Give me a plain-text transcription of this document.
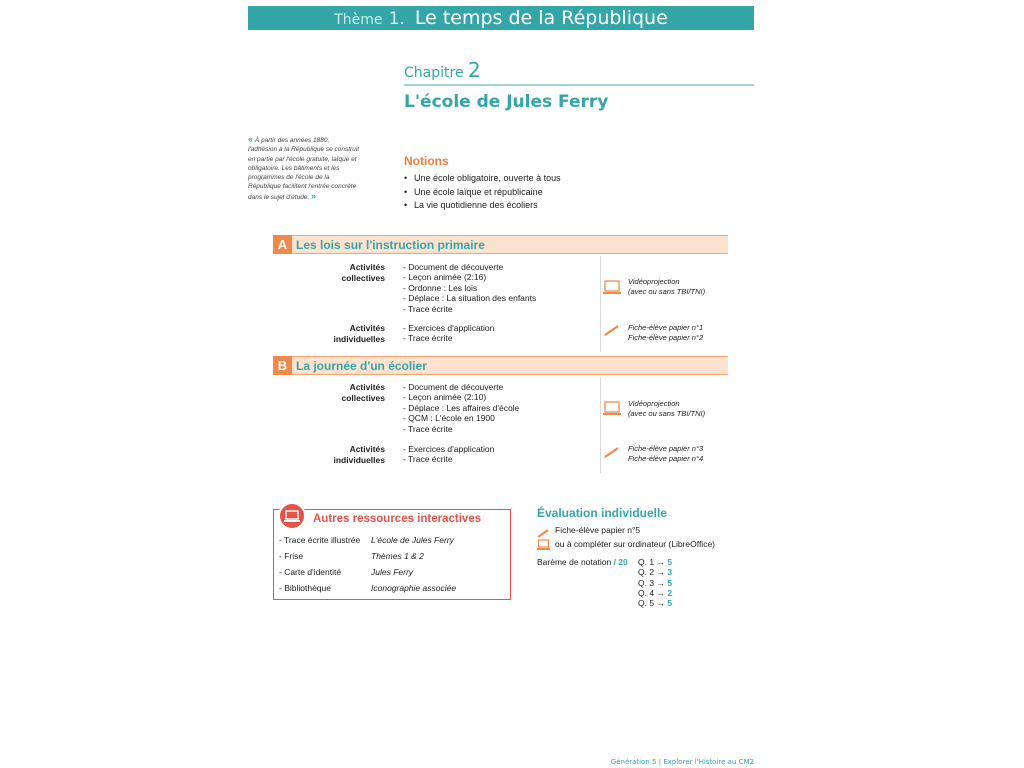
Thème 1. Le temps de la République
Chapitre 2
L'école de Jules Ferry
« À partir des années 1880, l'adhésion à la République se construit en partie par l'école gratuite, laïque et obligatoire. Les bâtiments et les programmes de l'école de la République facilitent l'entrée concrète dans le sujet d'étude. »
Notions
• Une école obligatoire, ouverte à tous
• Une école laïque et républicaine
• La vie quotidienne des écoliers
A Les lois sur l'instruction primaire
Activités
collectives
- Document de découverte
- Leçon animée (2:16)
- Ordonne : Les lois
- Déplace : La situation des enfants
- Trace écrite
Vidéoprojection
(avec ou sans TBI/TNI)
Activités
individuelles
- Exercices d'application
- Trace écrite
Fiche-élève papier n°1
Fiche-élève papier n°2
B La journée d'un écolier
Activités
collectives
- Document de découverte
- Leçon animée (2:10)
- Déplace : Les affaires d'école
- QCM : L'école en 1900
- Trace écrite
Vidéoprojection
(avec ou sans TBI/TNI)
Activités
individuelles
- Exercices d'application
- Trace écrite
Fiche-élève papier n°3
Fiche-élève papier n°4
Autres ressources interactives
- Trace écrite illustrée L'école de Jules Ferry
- Frise	Thèmes 1 & 2
- Carte d'identité	Jules Ferry
- Bibliothèque	Iconographie associée
Évaluation individuelle
Fiche-élève papier n°5
ou à compléter sur ordinateur (LibreOffice)
Barème de notation / 20 Q. 1 → 5
Q. 2 → 3
Q. 3 → 5
Q. 4 → 2
Q. 5 → 5
Génération 5 | Explorer l'Histoire au CM2
